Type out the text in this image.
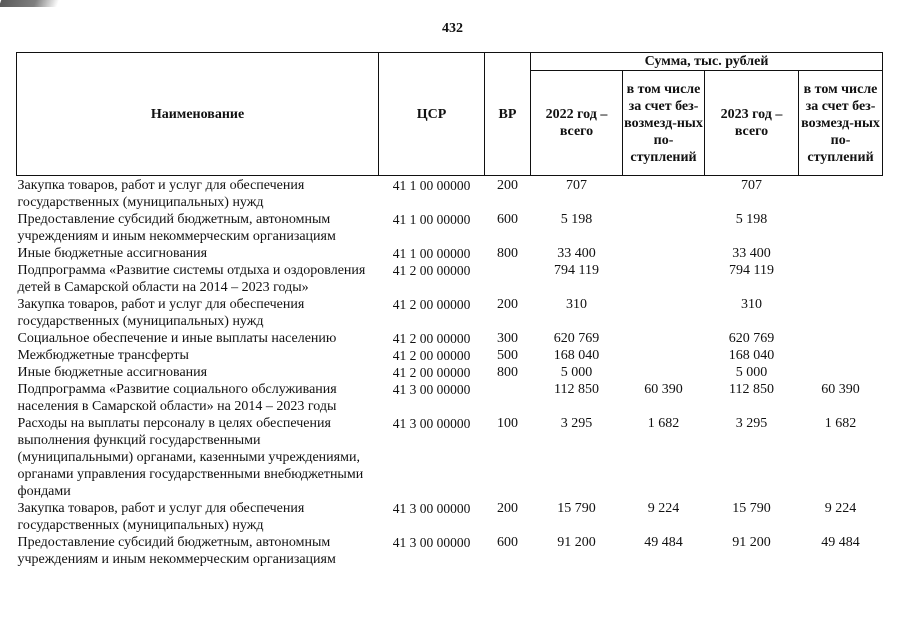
432
Наименование	ЦСР	ВР	Сумма, тыс. рублей			
			2022 год – всего	в том числе за счет без-возмезд-ных по-ступлений	2023 год – всего	в том числе за счет без-возмезд-ных по-ступлений
Закупка товаров, работ и услуг для обеспечения государственных (муниципальных) нужд	41 1 00 00000	200	707		707	
Предоставление субсидий бюджетным, автономным учреждениям и иным некоммерческим организациям	41 1 00 00000	600	5 198		5 198	
Иные бюджетные ассигнования	41 1 00 00000	800	33 400		33 400	
Подпрограмма «Развитие системы отдыха и оздоровления детей в Самарской области на 2014 – 2023 годы»	41 2 00 00000		794 119		794 119	
Закупка товаров, работ и услуг для обеспечения государственных (муниципальных) нужд	41 2 00 00000	200	310		310	
Социальное обеспечение и иные выплаты населению	41 2 00 00000	300	620 769		620 769	
Межбюджетные трансферты	41 2 00 00000	500	168 040		168 040	
Иные бюджетные ассигнования	41 2 00 00000	800	5 000		5 000	
Подпрограмма «Развитие социального обслуживания населения в Самарской области» на 2014 – 2023 годы	41 3 00 00000		112 850	60 390	112 850	60 390
Расходы на выплаты персоналу в целях обеспечения выполнения функций государственными (муниципальными) органами, казенными учреждениями, органами управления государственными внебюджетными фондами	41 3 00 00000	100	3 295	1 682	3 295	1 682
Закупка товаров, работ и услуг для обеспечения государственных (муниципальных) нужд	41 3 00 00000	200	15 790	9 224	15 790	9 224
Предоставление субсидий бюджетным, автономным учреждениям и иным некоммерческим организациям	41 3 00 00000	600	91 200	49 484	91 200	49 484
